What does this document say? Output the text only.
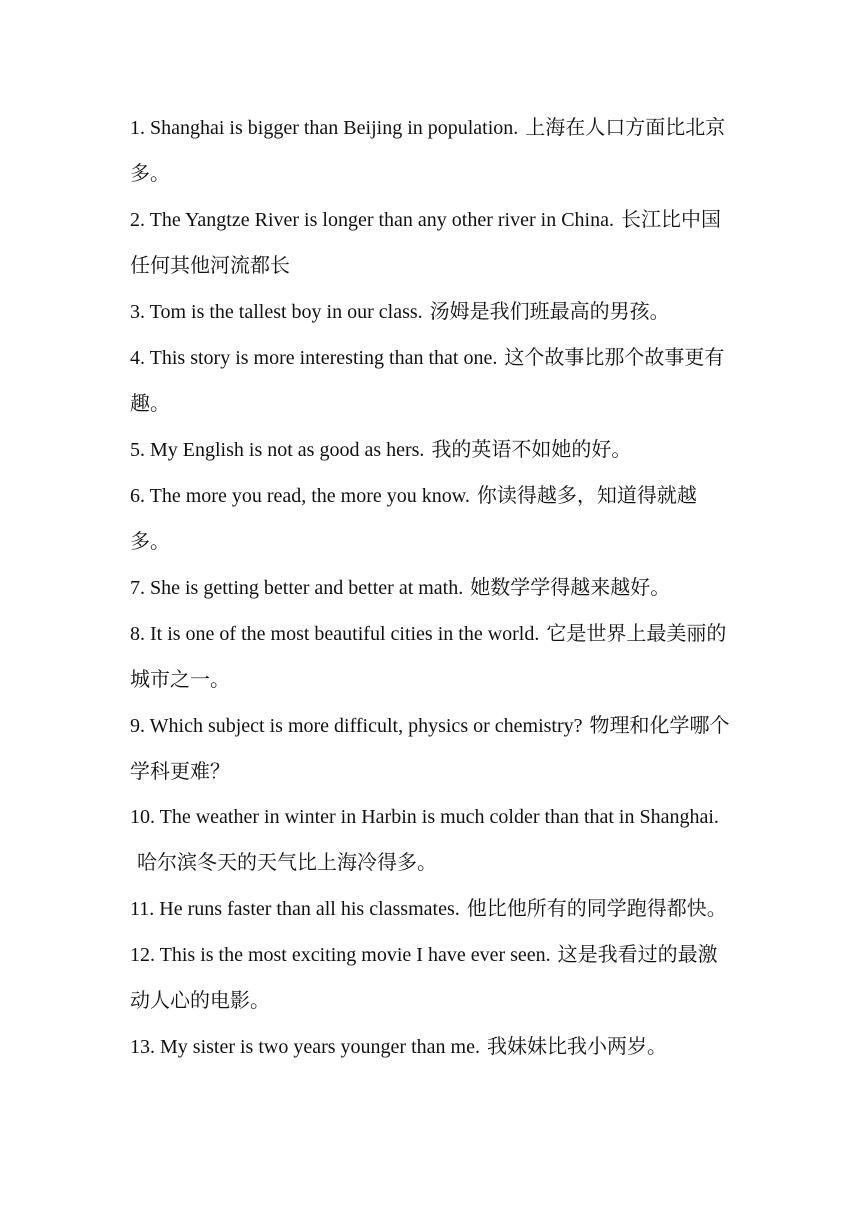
1. Shanghai is bigger than Beijing in population. 上海在人口方面比北京多。

2. The Yangtze River is longer than any other river in China. 长江比中国任何其他河流都长

3. Tom is the tallest boy in our class. 汤姆是我们班最高的男孩。

4. This story is more interesting than that one. 这个故事比那个故事更有趣。

5. My English is not as good as hers. 我的英语不如她的好。

6. The more you read, the more you know. 你读得越多，知道得就越多。

7. She is getting better and better at math. 她数学学得越来越好。

8. It is one of the most beautiful cities in the world. 它是世界上最美丽的城市之一。

9. Which subject is more difficult, physics or chemistry? 物理和化学哪个学科更难？

10. The weather in winter in Harbin is much colder than that in Shanghai.哈尔滨冬天的天气比上海冷得多。

11. He runs faster than all his classmates. 他比他所有的同学跑得都快。

12. This is the most exciting movie I have ever seen. 这是我看过的最激动人心的电影。

13. My sister is two years younger than me. 我妹妹比我小两岁。
